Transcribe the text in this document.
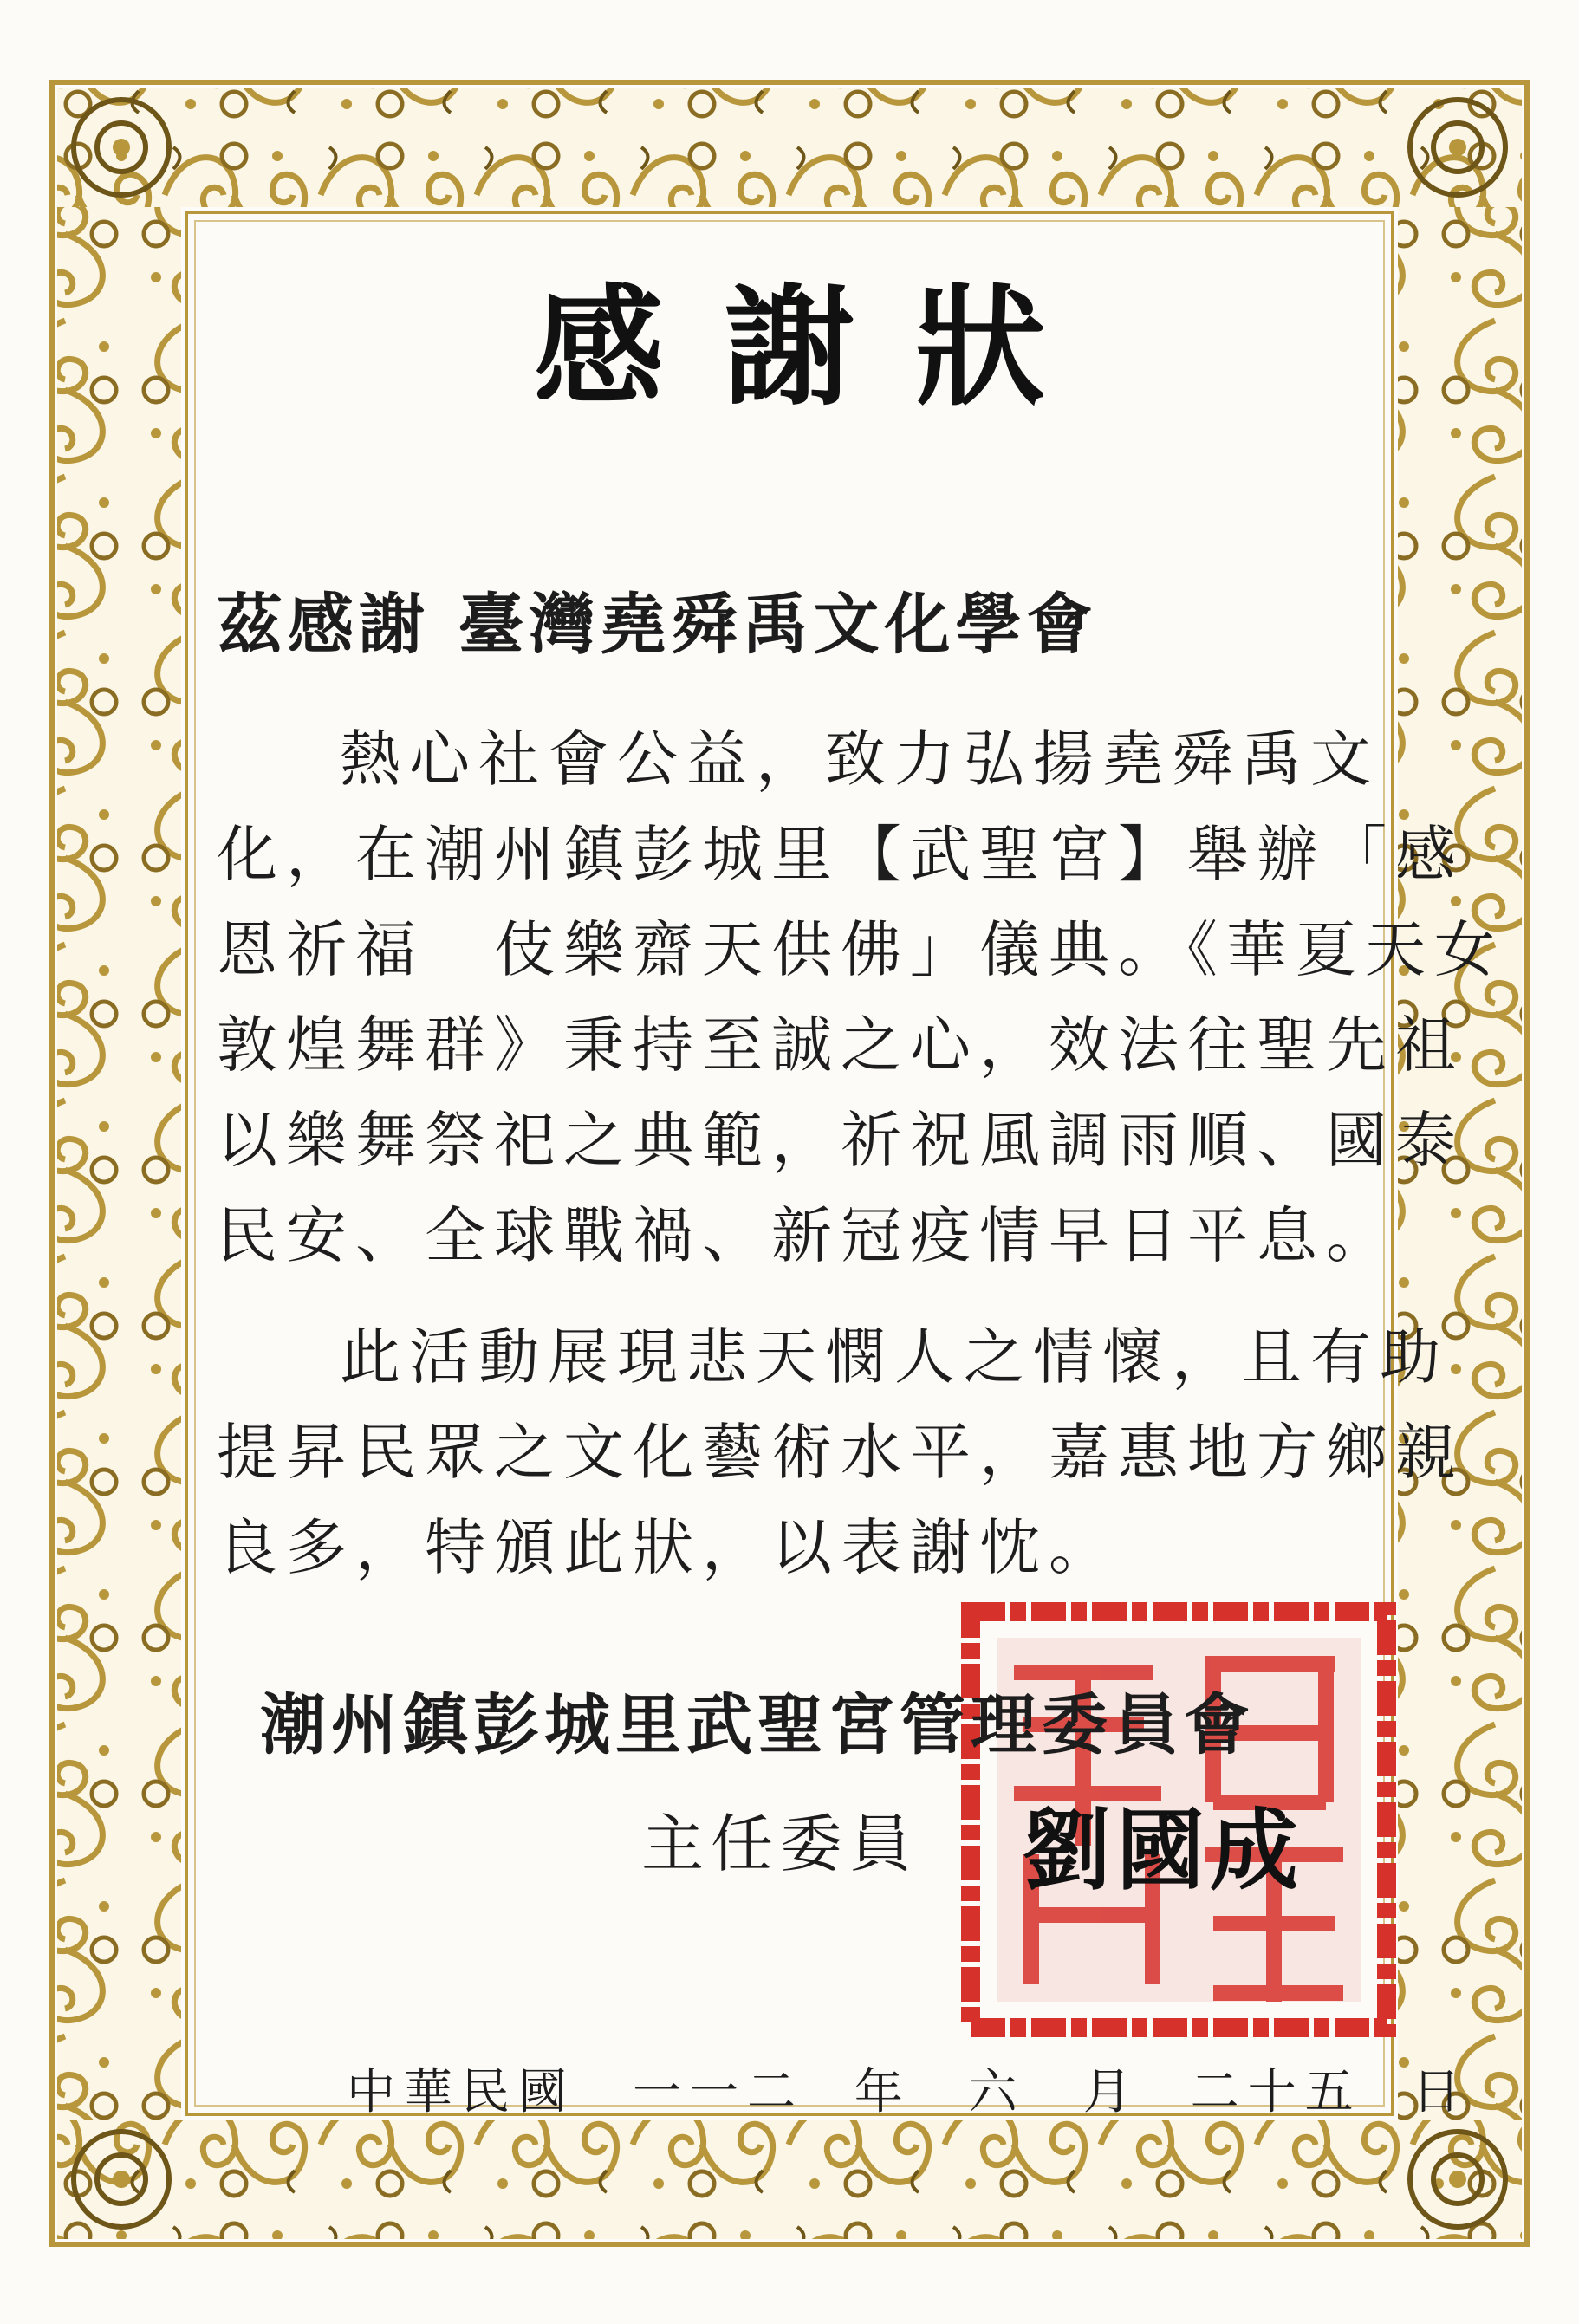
感謝狀
茲感謝 臺灣堯舜禹文化學會
熱心社會公益，致力弘揚堯舜禹文
化，在潮州鎮彭城里【武聖宮】舉辦「感
恩祈福　伎樂齋天供佛」儀典。《華夏天女
敦煌舞群》秉持至誠之心，效法往聖先祖
以樂舞祭祀之典範，祈祝風調雨順、國泰
民安、全球戰禍、新冠疫情早日平息。
此活動展現悲天憫人之情懷，且有助
提昇民眾之文化藝術水平，嘉惠地方鄉親
良多，特頒此狀，以表謝忱。
潮州鎮彭城里武聖宮管理委員會
主任委員 劉國成
中華民國　一一二 年　六　月 二十五 日
